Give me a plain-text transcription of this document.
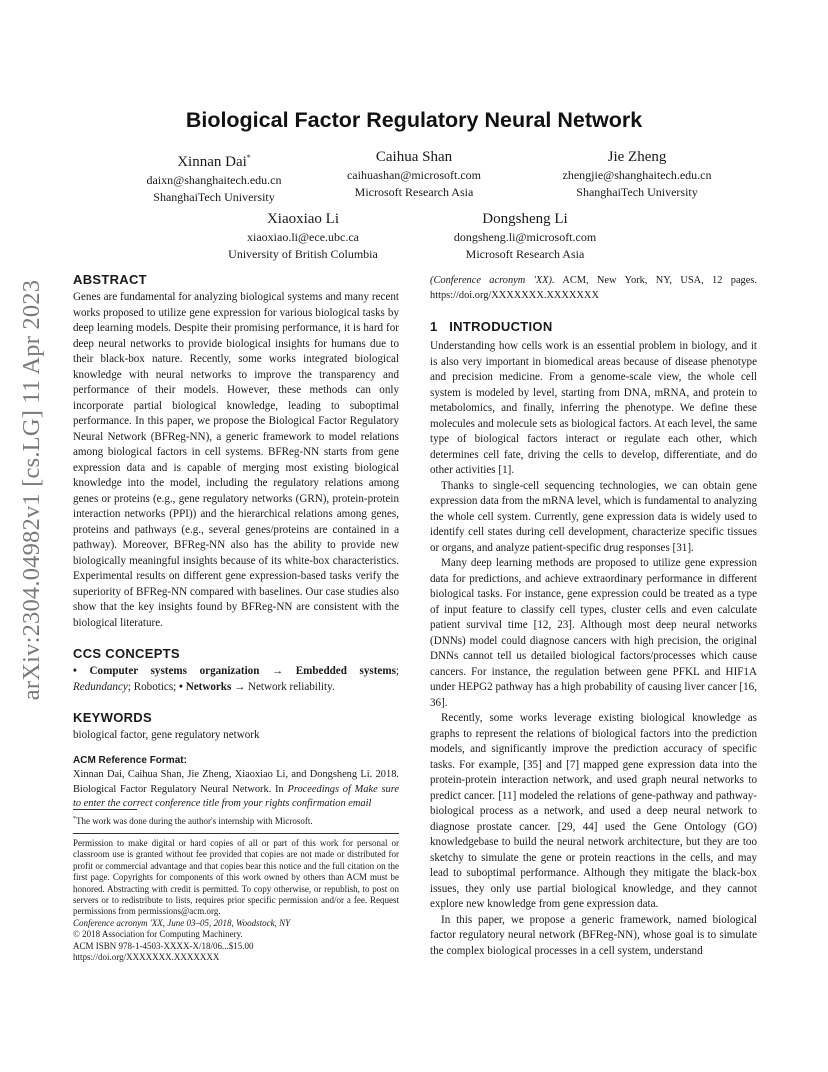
arXiv:2304.04982v1 [cs.LG] 11 Apr 2023
Biological Factor Regulatory Neural Network
Xinnan Dai*
daixn@shanghaitech.edu.cn
ShanghaiTech University
Caihua Shan
caihuashan@microsoft.com
Microsoft Research Asia
Jie Zheng
zhengjie@shanghaitech.edu.cn
ShanghaiTech University
Xiaoxiao Li
xiaoxiao.li@ece.ubc.ca
University of British Columbia
Dongsheng Li
dongsheng.li@microsoft.com
Microsoft Research Asia
ABSTRACT

Genes are fundamental for analyzing biological systems and many recent works proposed to utilize gene expression for various biological tasks by deep learning models. Despite their promising performance, it is hard for deep neural networks to provide biological insights for humans due to their black-box nature. Recently, some works integrated biological knowledge with neural networks to improve the transparency and performance of their models. However, these methods can only incorporate partial biological knowledge, leading to suboptimal performance. In this paper, we propose the Biological Factor Regulatory Neural Network (BFReg-NN), a generic framework to model relations among biological factors in cell systems. BFReg-NN starts from gene expression data and is capable of merging most existing biological knowledge into the model, including the regulatory relations among genes or proteins (e.g., gene regulatory networks (GRN), protein-protein interaction networks (PPI)) and the hierarchical relations among genes, proteins and pathways (e.g., several genes/proteins are contained in a pathway). Moreover, BFReg-NN also has the ability to provide new biologically meaningful insights because of its white-box characteristics. Experimental results on different gene expression-based tasks verify the superiority of BFReg-NN compared with baselines. Our case studies also show that the key insights found by BFReg-NN are consistent with the biological literature.

CCS CONCEPTS

• Computer systems organization → Embedded systems; Redundancy; Robotics; • Networks → Network reliability.

KEYWORDS

biological factor, gene regulatory network

ACM Reference Format:

Xinnan Dai, Caihua Shan, Jie Zheng, Xiaoxiao Li, and Dongsheng Li. 2018. Biological Factor Regulatory Neural Network. In Proceedings of Make sure to enter the correct conference title from your rights confirmation email

*The work was done during the author's internship with Microsoft.

Permission to make digital or hard copies of all or part of this work for personal or classroom use is granted without fee provided that copies are not made or distributed for profit or commercial advantage and that copies bear this notice and the full citation on the first page. Copyrights for components of this work owned by others than ACM must be honored. Abstracting with credit is permitted. To copy otherwise, or republish, to post on servers or to redistribute to lists, requires prior specific permission and/or a fee. Request permissions from permissions@acm.org.

Conference acronym 'XX, June 03–05, 2018, Woodstock, NY

© 2018 Association for Computing Machinery.

ACM ISBN 978-1-4503-XXXX-X/18/06...$15.00

https://doi.org/XXXXXXX.XXXXXXX

(Conference acronym 'XX). ACM, New York, NY, USA, 12 pages. https://doi.org/XXXXXXX.XXXXXXX

1   INTRODUCTION

Understanding how cells work is an essential problem in biology, and it is also very important in biomedical areas because of disease phenotype and precision medicine. From a genome-scale view, the whole cell system is modeled by level, starting from DNA, mRNA, and protein to metabolomics, and finally, inferring the phenotype. We define these molecules and molecule sets as biological factors. At each level, the same type of biological factors interact or regulate each other, which determines cell fate, driving the cells to develop, differentiate, and do other activities [1].

Thanks to single-cell sequencing technologies, we can obtain gene expression data from the mRNA level, which is fundamental to analyzing the whole cell system. Currently, gene expression data is widely used to identify cell states during cell development, characterize specific tissues or organs, and analyze patient-specific drug responses [31].

Many deep learning methods are proposed to utilize gene expression data for predictions, and achieve extraordinary performance in different biological tasks. For instance, gene expression could be treated as a type of input feature to classify cell types, cluster cells and even calculate patient survival time [12, 23]. Although most deep neural networks (DNNs) model could diagnose cancers with high precision, the original DNNs cannot tell us detailed biological factors/processes which cause cancers. For instance, the regulation between gene PFKL and HIF1A under HEPG2 pathway has a high probability of causing liver cancer [16, 36].

Recently, some works leverage existing biological knowledge as graphs to represent the relations of biological factors into the prediction models, and significantly improve the prediction accuracy of specific tasks. For example, [35] and [7] mapped gene expression data into the protein-protein interaction network, and used graph neural networks to predict cancer. [11] modeled the relations of gene-pathway and pathway-biological process as a network, and used a deep neural network to diagnose prostate cancer. [29, 44] used the Gene Ontology (GO) knowledgebase to build the neural network architecture, but they are too sketchy to simulate the gene or protein reactions in the cells, and may lead to suboptimal performance. Although they mitigate the black-box issues, they only use partial biological knowledge, and they cannot explore new knowledge from gene expression data.

In this paper, we propose a generic framework, named biological factor regulatory neural network (BFReg-NN), whose goal is to simulate the complex biological processes in a cell system, understand
